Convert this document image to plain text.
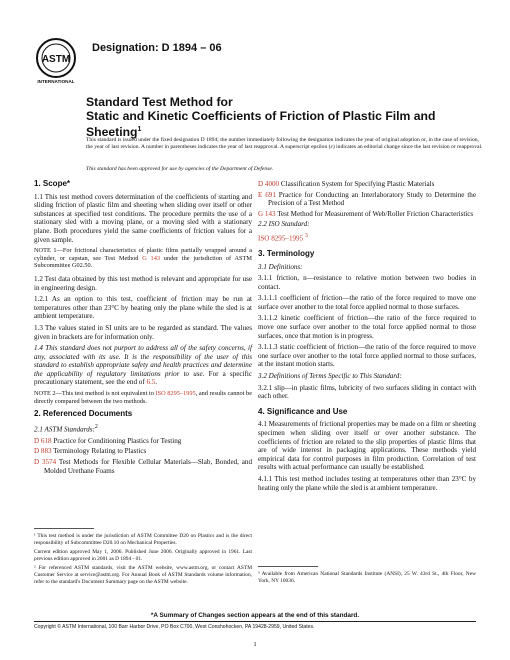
ASTM
INTERNATIONAL
Designation: D 1894 – 06
Standard Test Method for
Static and Kinetic Coefficients of Friction of Plastic Film and
Sheeting$^1$
This standard is issued under the fixed designation D 1894; the number immediately following the designation indicates the year of original adoption or, in the case of revision, the year of last revision. A number in parentheses indicates the year of last reapproval. A superscript epsilon (ε) indicates an editorial change since the last revision or reapproval.
This standard has been approved for use by agencies of the Department of Defense.
1. Scope*

1.1 This test method covers determination of the coefficients of starting and sliding friction of plastic film and sheeting when sliding over itself or other substances at specified test conditions. The procedure permits the use of a stationary sled with a moving plane, or a moving sled with a stationary plane. Both procedures yield the same coefficients of friction values for a given sample.

NOTE 1—For frictional characteristics of plastic films partially wrapped around a cylinder, or capstan, see Test Method G 143 under the jurisdiction of ASTM Subcommittee G02.50.

1.2 Test data obtained by this test method is relevant and appropriate for use in engineering design.

1.2.1 As an option to this test, coefficient of friction may be run at temperatures other than 23°C by heating only the plane while the sled is at ambient temperature.

1.3 The values stated in SI units are to be regarded as standard. The values given in brackets are for information only.

1.4 This standard does not purport to address all of the safety concerns, if any, associated with its use. It is the responsibility of the user of this standard to establish appropriate safety and health practices and determine the applicability of regulatory limitations prior to use. For a specific precautionary statement, see the end of 6.5.

NOTE 2—This test method is not equivalent to ISO 8295–1995, and results cannot be directly compared between the two methods.

2. Referenced Documents

2.1 ASTM Standards:$^2$

D 618 Practice for Conditioning Plastics for Testing

D 883 Terminology Relating to Plastics

D 3574 Test Methods for Flexible Cellular Materials—Slab, Bonded, and Molded Urethane Foams

D 4000 Classification System for Specifying Plastic Materials

E 691 Practice for Conducting an Interlaboratory Study to Determine the Precision of a Test Method

G 143 Test Method for Measurement of Web/Roller Friction Characteristics

2.2 ISO Standard:

ISO 8295–1995 $^3$

3. Terminology

3.1 Definitions:

3.1.1 friction, n—resistance to relative motion between two bodies in contact.

3.1.1.1 coefficient of friction—the ratio of the force required to move one surface over another to the total force applied normal to those surfaces.

3.1.1.2 kinetic coefficient of friction—the ratio of the force required to move one surface over another to the total force applied normal to those surfaces, once that motion is in progress.

3.1.1.3 static coefficient of friction—the ratio of the force required to move one surface over another to the total force applied normal to those surfaces, at the instant motion starts.

3.2 Definitions of Terms Specific to This Standard:

3.2.1 slip—in plastic films, lubricity of two surfaces sliding in contact with each other.

4. Significance and Use

4.1 Measurements of frictional properties may be made on a film or sheeting specimen when sliding over itself or over another substance. The coefficients of friction are related to the slip properties of plastic films that are of wide interest in packaging applications. These methods yield empirical data for control purposes in film production. Correlation of test results with actual performance can usually be established.

4.1.1 This test method includes testing at temperatures other than 23°C by heating only the plane while the sled is at ambient temperature.

¹ This test method is under the jurisdiction of ASTM Committee D20 on Plastics and is the direct responsibility of Subcommittee D20.10 on Mechanical Properties.

Current edition approved May 1, 2006. Published June 2006. Originally approved in 1961. Last previous edition approved in 2001 as D 1894 - 01.

² For referenced ASTM standards, visit the ASTM website, www.astm.org, or contact ASTM Customer Service at service@astm.org. For Annual Book of ASTM Standards volume information, refer to the standard's Document Summary page on the ASTM website.

³ Available from American National Standards Institute (ANSI), 25 W. 43rd St., 4th Floor, New York, NY 10036.

*A Summary of Changes section appears at the end of this standard.
Copyright © ASTM International, 100 Barr Harbor Drive, PO Box C700, West Conshohocken, PA 19428-2959, United States.
1
